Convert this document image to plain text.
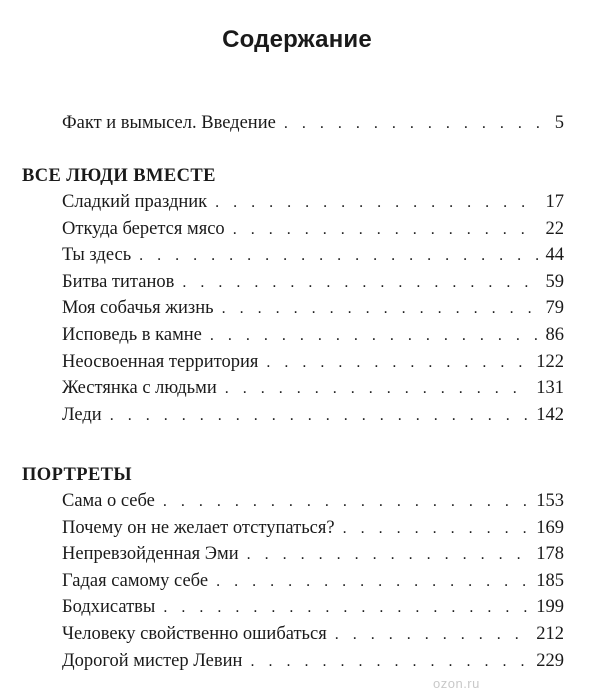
Содержание
Факт и вымысел. Введение . . .	5
ВСЕ ЛЮДИ ВМЕСТЕ
Сладкий праздник . . .	17
Откуда берется мясо . . .	22
Ты здесь . . .	44
Битва титанов . . .	59
Моя собачья жизнь . . .	79
Исповедь в камне . . .	86
Неосвоенная территория . . .	122
Жестянка с людьми . . .	131
Леди . . .	142
ПОРТРЕТЫ
Сама о себе . . .	153
Почему он не желает отступаться? . . .	169
Непревзойденная Эми . . .	178
Гадая самому себе . . .	185
Бодхисатвы . . .	199
Человеку свойственно ошибаться . . .	212
Дорогой мистер Левин . . .	229
ozon.ru
